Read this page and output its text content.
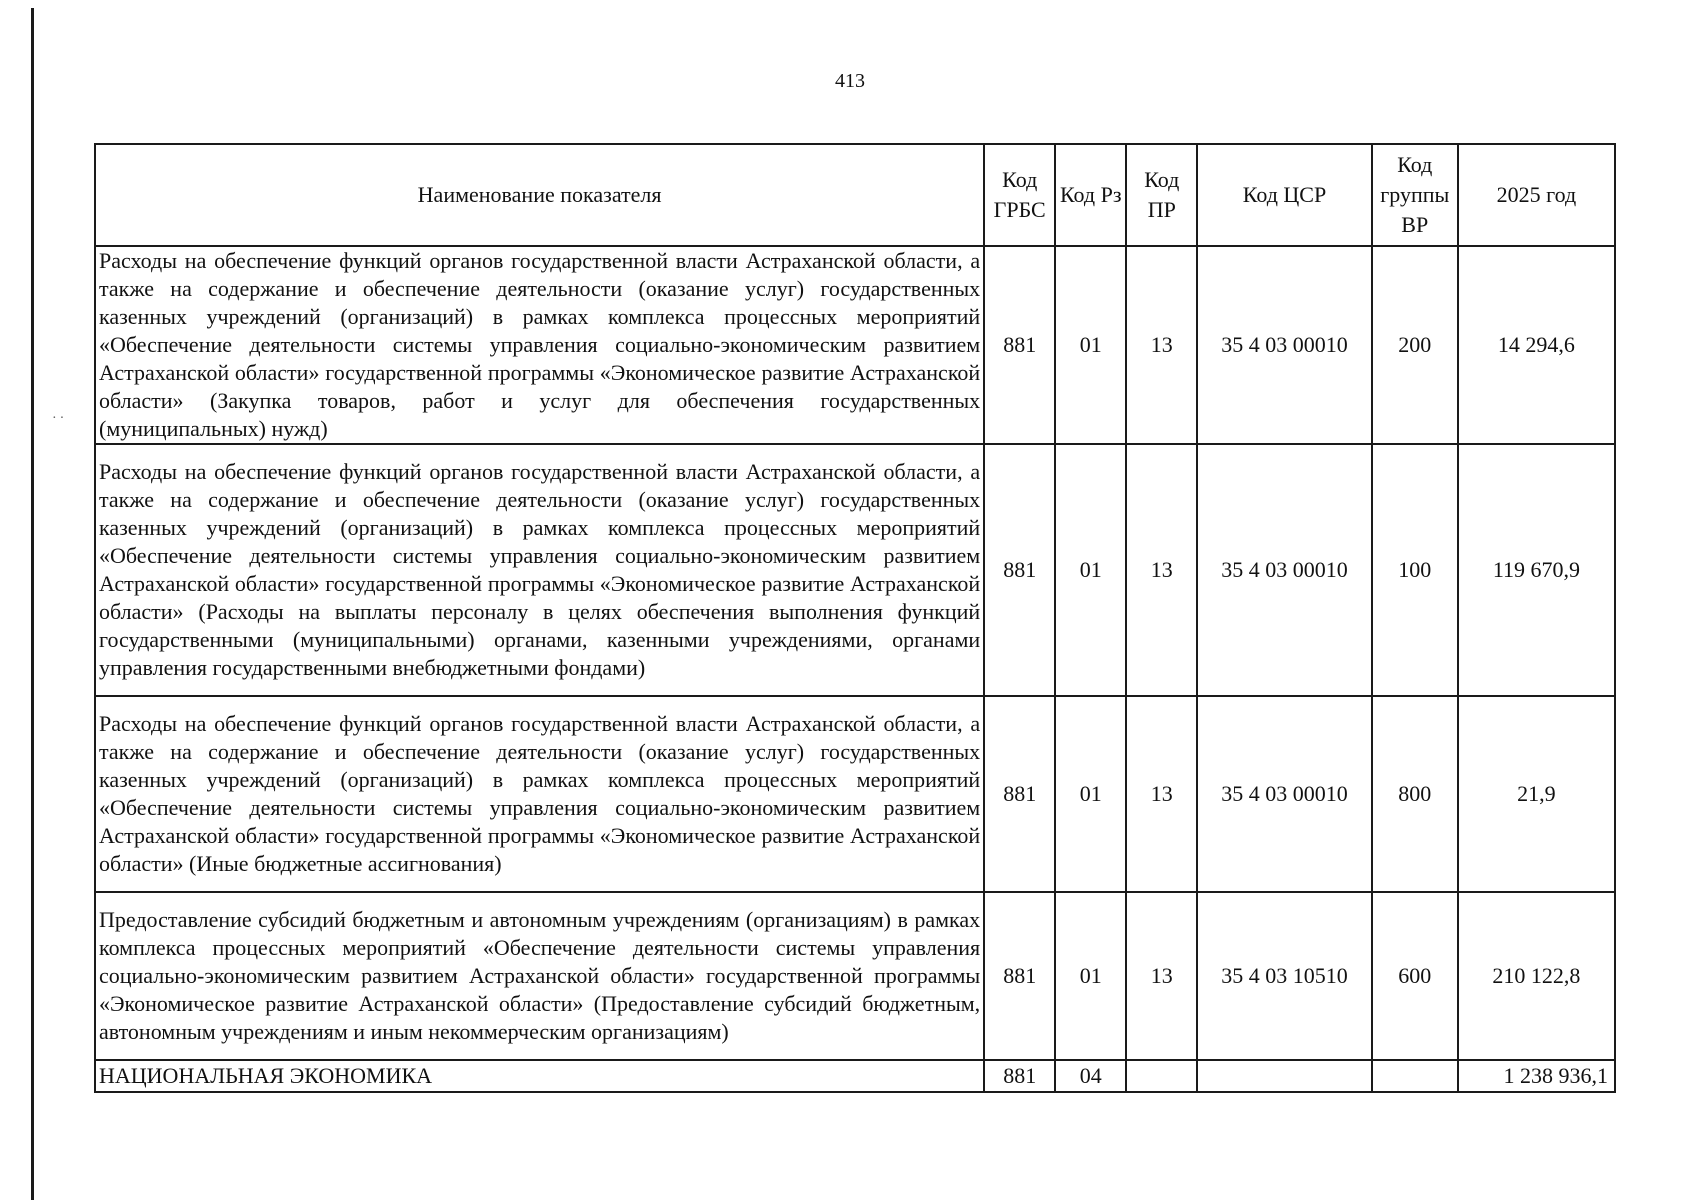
··
413
Наименование показателя	Код ГРБС	Код Рз	Код ПР	Код ЦСР	Код группы ВР	2025 год
Расходы на обеспечение функций органов государственной власти Астраханской области, а также на содержание и обеспечение деятельности (оказание услуг) государственных казенных учреждений (организаций) в рамках комплекса процессных мероприятий «Обеспечение деятельности системы управления социально-экономическим развитием Астраханской области» государственной программы «Экономическое развитие Астраханской области» (Закупка товаров, работ и услуг для обеспечения государственных (муниципальных) нужд)	881	01	13	35 4 03 00010	200	14 294,6
Расходы на обеспечение функций органов государственной власти Астраханской области, а также на содержание и обеспечение деятельности (оказание услуг) государственных казенных учреждений (организаций) в рамках комплекса процессных мероприятий «Обеспечение деятельности системы управления социально-экономическим развитием Астраханской области» государственной программы «Экономическое развитие Астраханской области» (Расходы на выплаты персоналу в целях обеспечения выполнения функций государственными (муниципальными) органами, казенными учреждениями, органами управления государственными внебюджетными фондами)	881	01	13	35 4 03 00010	100	119 670,9
Расходы на обеспечение функций органов государственной власти Астраханской области, а также на содержание и обеспечение деятельности (оказание услуг) государственных казенных учреждений (организаций) в рамках комплекса процессных мероприятий «Обеспечение деятельности системы управления социально-экономическим развитием Астраханской области» государственной программы «Экономическое развитие Астраханской области» (Иные бюджетные ассигнования)	881	01	13	35 4 03 00010	800	21,9
Предоставление субсидий бюджетным и автономным учреждениям (организациям) в рамках комплекса процессных мероприятий «Обеспечение деятельности системы управления социально-экономическим развитием Астраханской области» государственной программы «Экономическое развитие Астраханской области» (Предоставление субсидий бюджетным, автономным учреждениям и иным некоммерческим организациям)	881	01	13	35 4 03 10510	600	210 122,8
НАЦИОНАЛЬНАЯ ЭКОНОМИКА	881	04				1 238 936,1
